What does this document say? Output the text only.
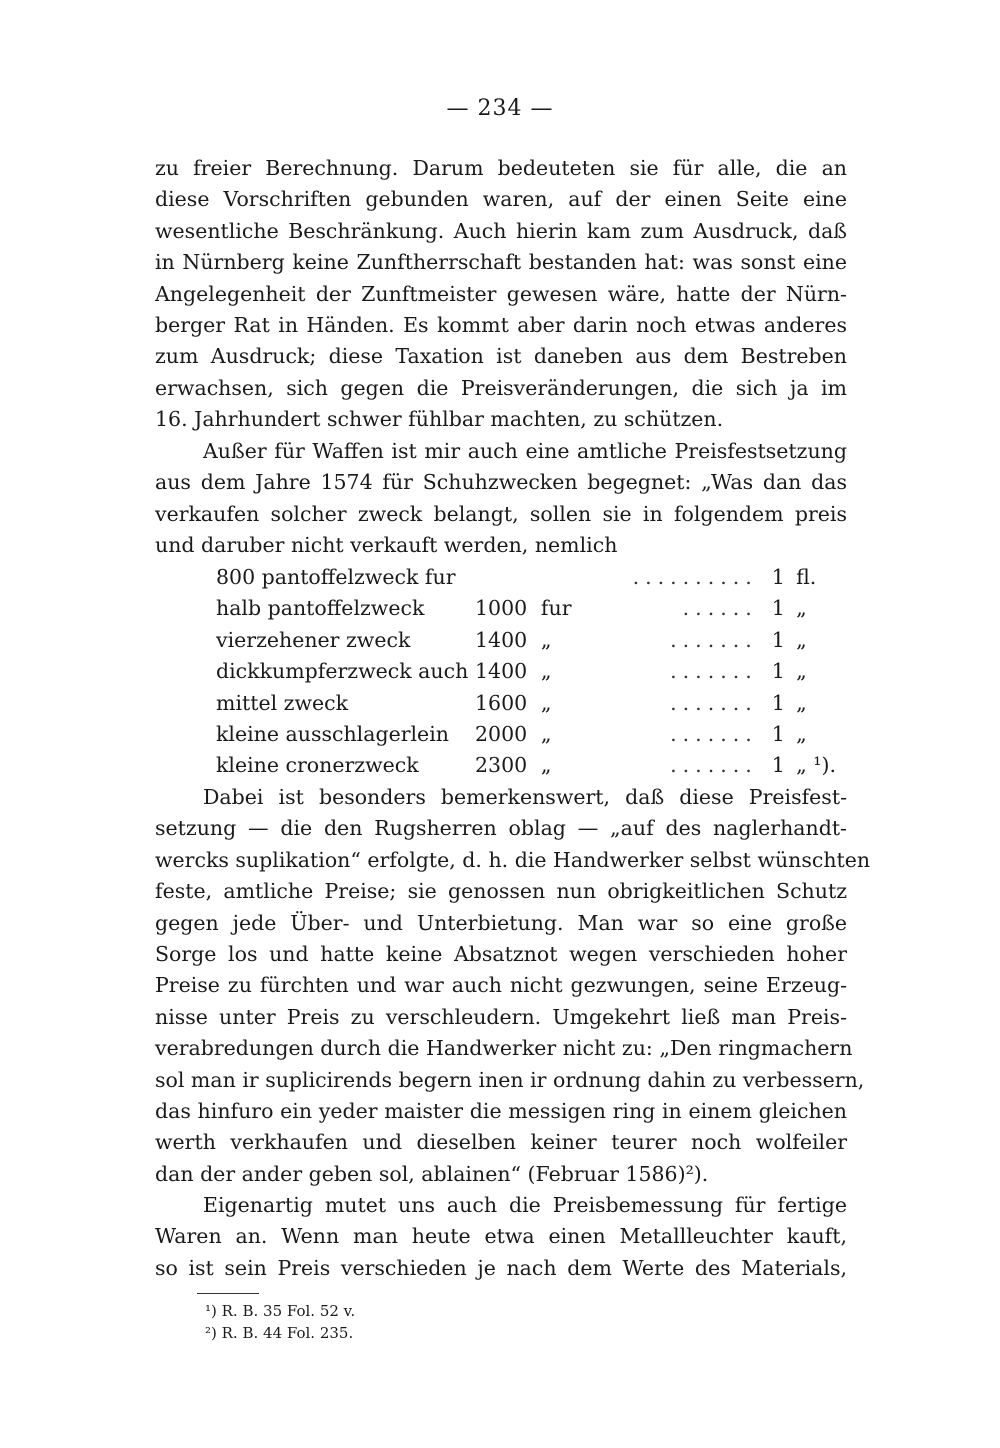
— 234 —

zu freier Berechnung. Darum bedeuteten sie für alle, die an
diese Vorschriften gebunden waren, auf der einen Seite eine
wesentliche Beschränkung. Auch hierin kam zum Ausdruck, daß
in Nürnberg keine Zunftherrschaft bestanden hat: was sonst eine
Angelegenheit der Zunftmeister gewesen wäre, hatte der Nürn-
berger Rat in Händen. Es kommt aber darin noch etwas anderes
zum Ausdruck; diese Taxation ist daneben aus dem Bestreben
erwachsen, sich gegen die Preisveränderungen, die sich ja im
16. Jahrhundert schwer fühlbar machten, zu schützen.

Außer für Waffen ist mir auch eine amtliche Preisfestsetzung
aus dem Jahre 1574 für Schuhzwecken begegnet: „Was dan das
verkaufen solcher zweck belangt, sollen sie in folgendem preis
und daruber nicht verkauft werden, nemlich

800 pantoffelzweck fur			..........	1	fl.
halb pantoffelzweck	1000	fur	......	1	„
vierzehener zweck	1400	„	.......	1	„
dickkumpferzweck auch	1400	„	.......	1	„
mittel zweck	1600	„	.......	1	„
kleine ausschlagerlein	2000	„	.......	1	„
kleine cronerzweck	2300	„	.......	1	„ ¹).

Dabei ist besonders bemerkenswert, daß diese Preisfest-
setzung — die den Rugsherren oblag — „auf des naglerhandt-
wercks suplikation“ erfolgte, d. h. die Handwerker selbst wünschten
feste, amtliche Preise; sie genossen nun obrigkeitlichen Schutz
gegen jede Über- und Unterbietung. Man war so eine große
Sorge los und hatte keine Absatznot wegen verschieden hoher
Preise zu fürchten und war auch nicht gezwungen, seine Erzeug-
nisse unter Preis zu verschleudern. Umgekehrt ließ man Preis-
verabredungen durch die Handwerker nicht zu: „Den ringmachern
sol man ir suplicirends begern inen ir ordnung dahin zu verbessern,
das hinfuro ein yeder maister die messigen ring in einem gleichen
werth verkhaufen und dieselben keiner teurer noch wolfeiler
dan der ander geben sol, ablainen“ (Februar 1586)²).

Eigenartig mutet uns auch die Preisbemessung für fertige
Waren an. Wenn man heute etwa einen Metallleuchter kauft,
so ist sein Preis verschieden je nach dem Werte des Materials,

¹) R. B. 35 Fol. 52 v.
²) R. B. 44 Fol. 235.
